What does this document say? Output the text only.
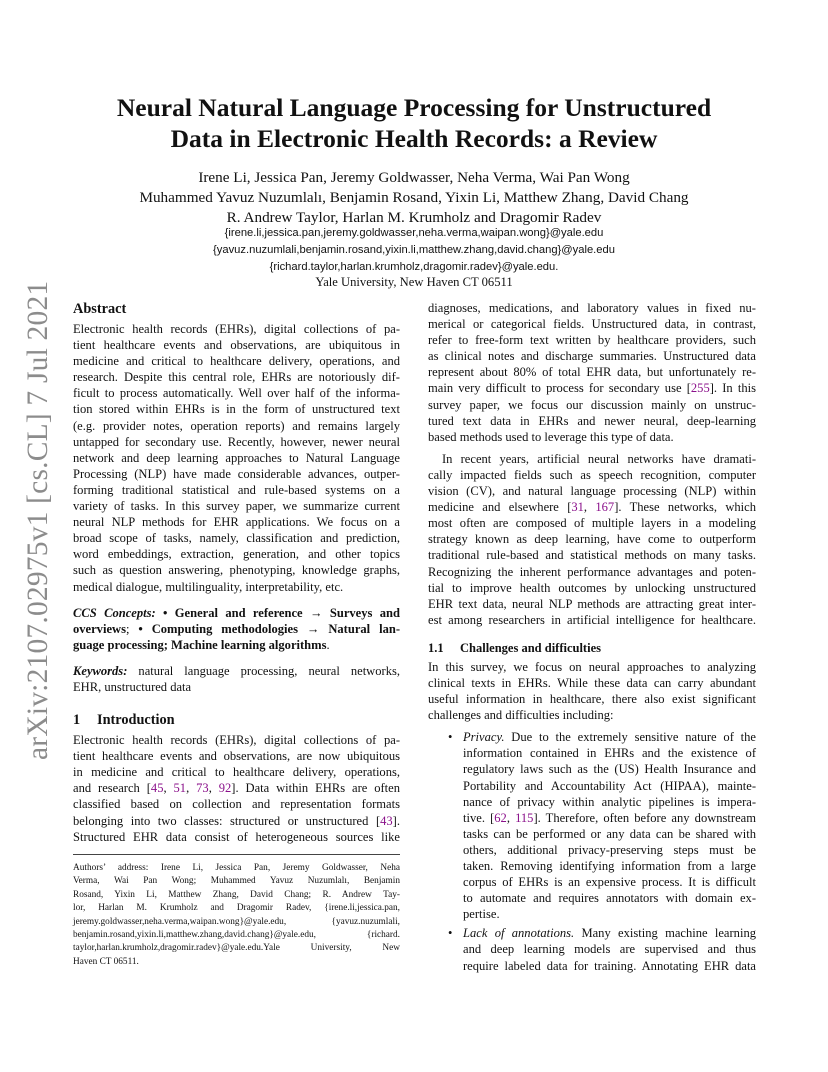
arXiv:2107.02975v1 [cs.CL] 7 Jul 2021
Neural Natural Language Processing for Unstructured
Data in Electronic Health Records: a Review
Irene Li, Jessica Pan, Jeremy Goldwasser, Neha Verma, Wai Pan Wong
Muhammed Yavuz Nuzumlalı, Benjamin Rosand, Yixin Li, Matthew Zhang, David Chang
R. Andrew Taylor, Harlan M. Krumholz and Dragomir Radev
{irene.li,jessica.pan,jeremy.goldwasser,neha.verma,waipan.wong}@yale.edu
{yavuz.nuzumlali,benjamin.rosand,yixin.li,matthew.zhang,david.chang}@yale.edu
{richard.taylor,harlan.krumholz,dragomir.radev}@yale.edu.
Yale University, New Haven CT 06511
Abstract
Electronic health records (EHRs), digital collections of pa-
tient healthcare events and observations, are ubiquitous in
medicine and critical to healthcare delivery, operations, and
research. Despite this central role, EHRs are notoriously dif-
ficult to process automatically. Well over half of the informa-
tion stored within EHRs is in the form of unstructured text
(e.g. provider notes, operation reports) and remains largely
untapped for secondary use. Recently, however, newer neural
network and deep learning approaches to Natural Language
Processing (NLP) have made considerable advances, outper-
forming traditional statistical and rule-based systems on a
variety of tasks. In this survey paper, we summarize current
neural NLP methods for EHR applications. We focus on a
broad scope of tasks, namely, classification and prediction,
word embeddings, extraction, generation, and other topics
such as question answering, phenotyping, knowledge graphs,
medical dialogue, multilinguality, interpretability, etc.
CCS Concepts: • General and reference → Surveys and
overviews; • Computing methodologies → Natural lan-
guage processing; Machine learning algorithms.
Keywords: natural language processing, neural networks,
EHR, unstructured data
1 Introduction
Electronic health records (EHRs), digital collections of pa-
tient healthcare events and observations, are now ubiquitous
in medicine and critical to healthcare delivery, operations,
and research [45, 51, 73, 92]. Data within EHRs are often
classified based on collection and representation formats
belonging into two classes: structured or unstructured [43].
Structured EHR data consist of heterogeneous sources like
Authors’ address: Irene Li, Jessica Pan, Jeremy Goldwasser, Neha
Verma, Wai Pan Wong; Muhammed Yavuz Nuzumlalı, Benjamin
Rosand, Yixin Li, Matthew Zhang, David Chang; R. Andrew Tay-
lor, Harlan M. Krumholz and Dragomir Radev, {irene.li,jessica.pan,
jeremy.goldwasser,neha.verma,waipan.wong}@yale.edu, {yavuz.nuzumlali,
benjamin.rosand,yixin.li,matthew.zhang,david.chang}@yale.edu, {richard.
taylor,harlan.krumholz,dragomir.radev}@yale.edu.Yale University, New
Haven CT 06511.
diagnoses, medications, and laboratory values in fixed nu-
merical or categorical fields. Unstructured data, in contrast,
refer to free-form text written by healthcare providers, such
as clinical notes and discharge summaries. Unstructured data
represent about 80% of total EHR data, but unfortunately re-
main very difficult to process for secondary use [255]. In this
survey paper, we focus our discussion mainly on unstruc-
tured text data in EHRs and newer neural, deep-learning
based methods used to leverage this type of data.
In recent years, artificial neural networks have dramati-
cally impacted fields such as speech recognition, computer
vision (CV), and natural language processing (NLP) within
medicine and elsewhere [31, 167]. These networks, which
most often are composed of multiple layers in a modeling
strategy known as deep learning, have come to outperform
traditional rule-based and statistical methods on many tasks.
Recognizing the inherent performance advantages and poten-
tial to improve health outcomes by unlocking unstructured
EHR text data, neural NLP methods are attracting great inter-
est among researchers in artificial intelligence for healthcare.
1.1 Challenges and difficulties
In this survey, we focus on neural approaches to analyzing
clinical texts in EHRs. While these data can carry abundant
useful information in healthcare, there also exist significant
challenges and difficulties including:
• Privacy. Due to the extremely sensitive nature of the
information contained in EHRs and the existence of
regulatory laws such as the (US) Health Insurance and
Portability and Accountability Act (HIPAA), mainte-
nance of privacy within analytic pipelines is impera-
tive. [62, 115]. Therefore, often before any downstream
tasks can be performed or any data can be shared with
others, additional privacy-preserving steps must be
taken. Removing identifying information from a large
corpus of EHRs is an expensive process. It is difficult
to automate and requires annotators with domain ex-
pertise.
• Lack of annotations. Many existing machine learning
and deep learning models are supervised and thus
require labeled data for training. Annotating EHR data
